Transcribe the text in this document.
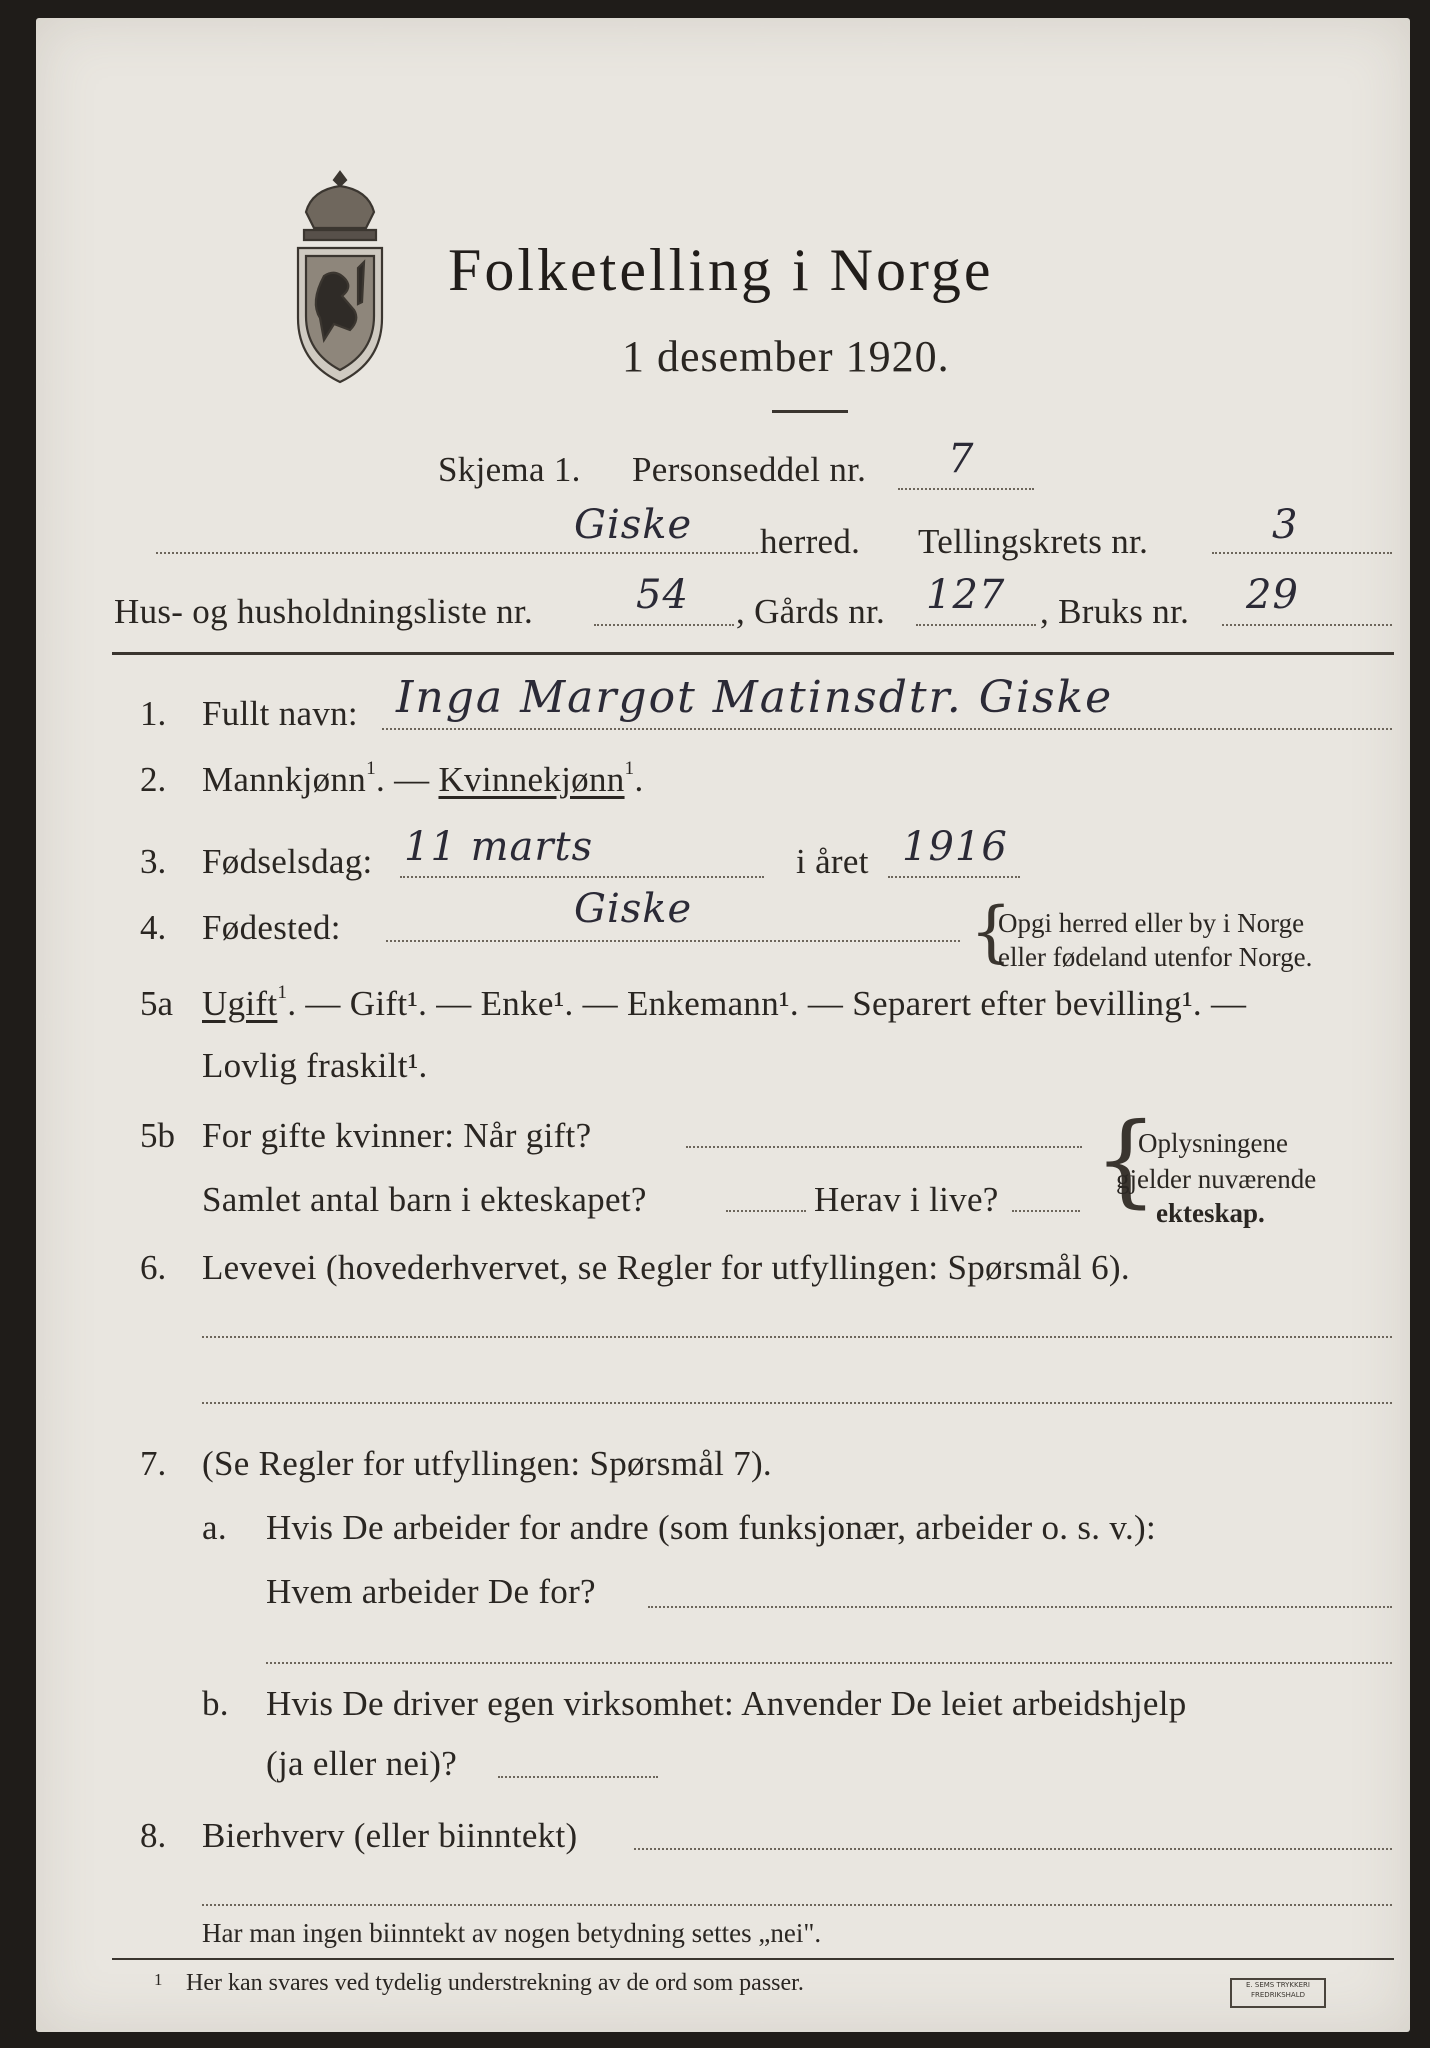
Folketelling i Norge
1 desember 1920.
Skjema 1. Personseddel nr. 7
Giske herred. Tellingskrets nr.	3
Hus- og husholdningsliste nr.	54 , Gårds nr. 127 , Bruks nr. 29
1. Fullt navn: Inga Margot Matinsdtr. Giske
2. Mannkjønn$^1$. — Kvinnekjønn$^1$.
3. Fødselsdag: 11 marts	i året 1916
4. Fødested:	Giske	{
Opgi herred eller by i Norge
eller fødeland utenfor Norge.
5a Ugift$^1$. — Gift¹. — Enke¹. — Enkemann¹. — Separert efter bevilling¹. —
Lovlig fraskilt¹.
5b For gifte kvinner: Når gift?
Samlet antal barn i ekteskapet?	Herav i live? {
Oplysningene
gjelder nuværende
ekteskap.
6. Levevei (hovederhvervet, se Regler for utfyllingen: Spørsmål 6).
7. (Se Regler for utfyllingen: Spørsmål 7).
a. Hvis De arbeider for andre (som funksjonær, arbeider o. s. v.):
Hvem arbeider De for?
b. Hvis De driver egen virksomhet: Anvender De leiet arbeidshjelp
(ja eller nei)?
8. Bierhverv (eller biinntekt)
Har man ingen biinntekt av nogen betydning settes „nei".
1 Her kan svares ved tydelig understrekning av de ord som passer.	E. SEMS TRYKKERI
FREDRIKSHALD
